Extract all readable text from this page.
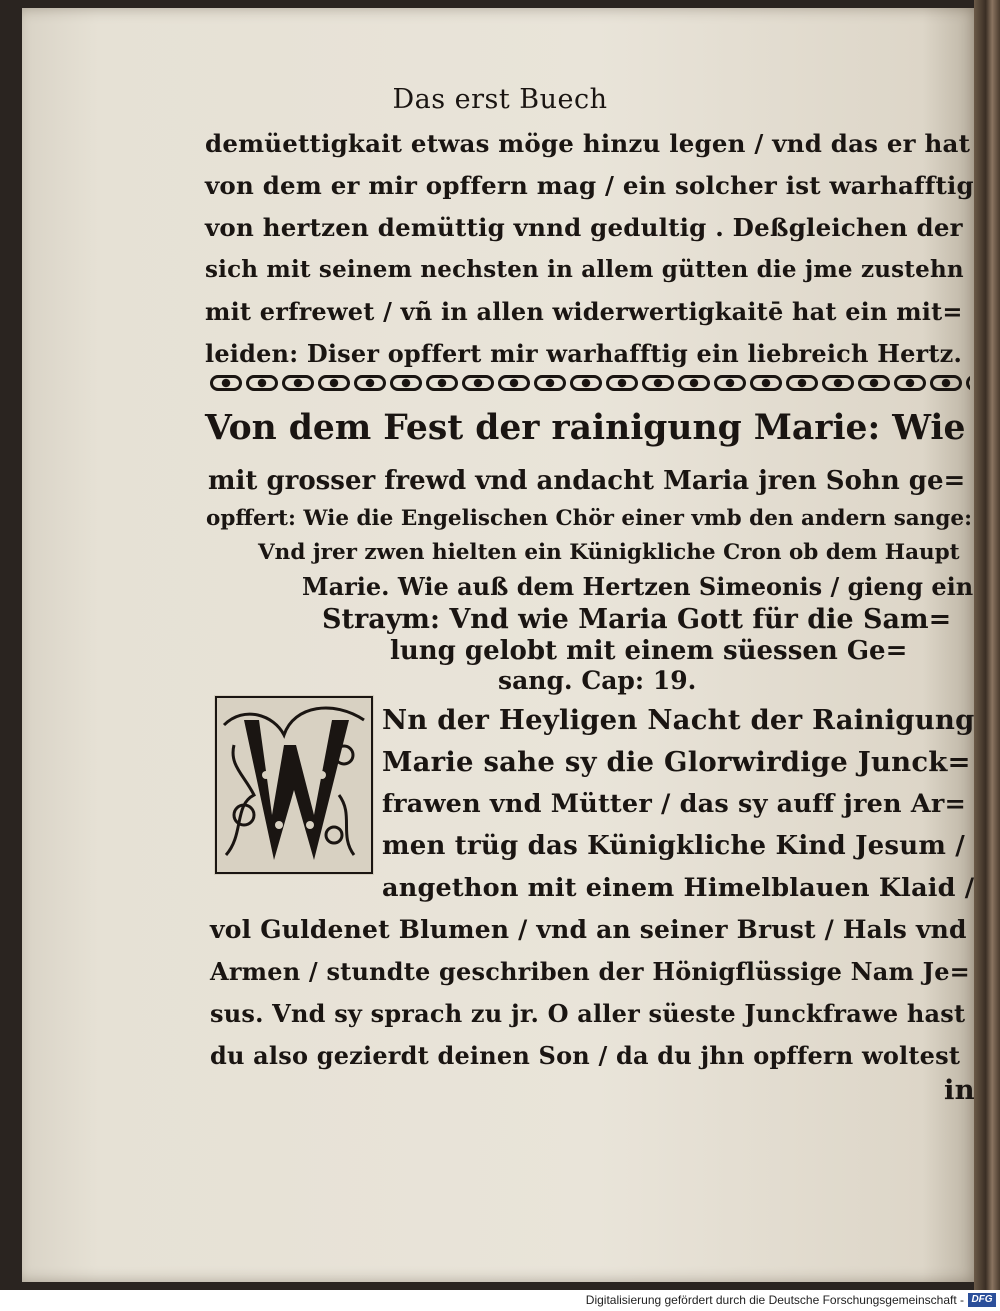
Das erst Buech
demüettigkait etwas möge hinzu legen / vnd das er hat
von dem er mir opffern mag / ein solcher ist warhafftig
von hertzen demüttig vnnd gedultig . Deßgleichen der
sich mit seinem nechsten in allem gütten die jme zustehn
mit erfrewet / vñ in allen widerwertigkaitē hat ein mit=
leiden: Diser opffert mir warhafftig ein liebreich Hertz.
Von dem Fest der rainigung Marie: Wie
mit grosser frewd vnd andacht Maria jren Sohn ge=
opffert: Wie die Engelischen Chör einer vmb den andern sange:
Vnd jrer zwen hielten ein Künigkliche Cron ob dem Haupt
Marie. Wie auß dem Hertzen Simeonis / gieng ein
Straym: Vnd wie Maria Gott für die Sam=
lung gelobt mit einem süessen Ge=
sang. Cap: 19.
Nn der Heyligen Nacht der Rainigung
Marie sahe sy die Glorwirdige Junck=
frawen vnd Mütter / das sy auff jren Ar=
men trüg das Künigkliche Kind Jesum /
angethon mit einem Himelblauen Klaid /
vol Guldenet Blumen / vnd an seiner Brust / Hals vnd
Armen / stundte geschriben der Hönigflüssige Nam Je=
sus. Vnd sy sprach zu jr. O aller süeste Junckfrawe hast
du also gezierdt deinen Son / da du jhn opffern woltest
in
Digitalisierung gefördert durch die Deutsche Forschungsgemeinschaft - DFG
